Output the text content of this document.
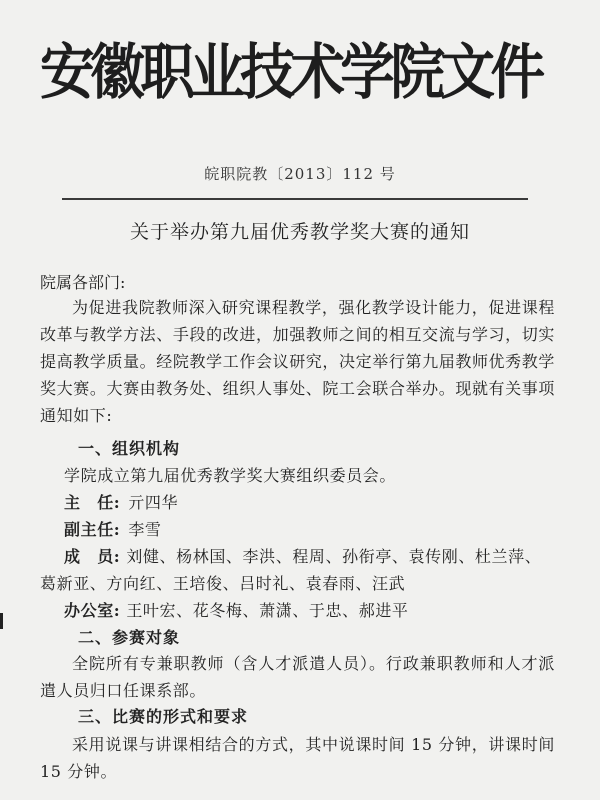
安徽职业技术学院文件
皖职院教〔2013〕112 号
关于举办第九届优秀教学奖大赛的通知
院属各部门:

为促进我院教师深入研究课程教学，强化教学设计能力，促进课程改革与教学方法、手段的改进，加强教师之间的相互交流与学习，切实提高教学质量。经院教学工作会议研究，决定举行第九届教师优秀教学奖大赛。大赛由教务处、组织人事处、院工会联合举办。现就有关事项通知如下:

一、组织机构
学院成立第九届优秀教学奖大赛组织委员会。
主　任: 亓四华
副主任: 李雪
成　员: 刘健、杨林国、李洪、程周、孙衔亭、袁传刚、杜兰萍、
葛新亚、方向红、王培俊、吕时礼、袁春雨、汪武
办公室: 王叶宏、花冬梅、萧潇、于忠、郝进平
二、参赛对象

全院所有专兼职教师（含人才派遣人员）。行政兼职教师和人才派遣人员归口任课系部。

三、比赛的形式和要求

采用说课与讲课相结合的方式，其中说课时间 15 分钟，讲课时间 15 分钟。
